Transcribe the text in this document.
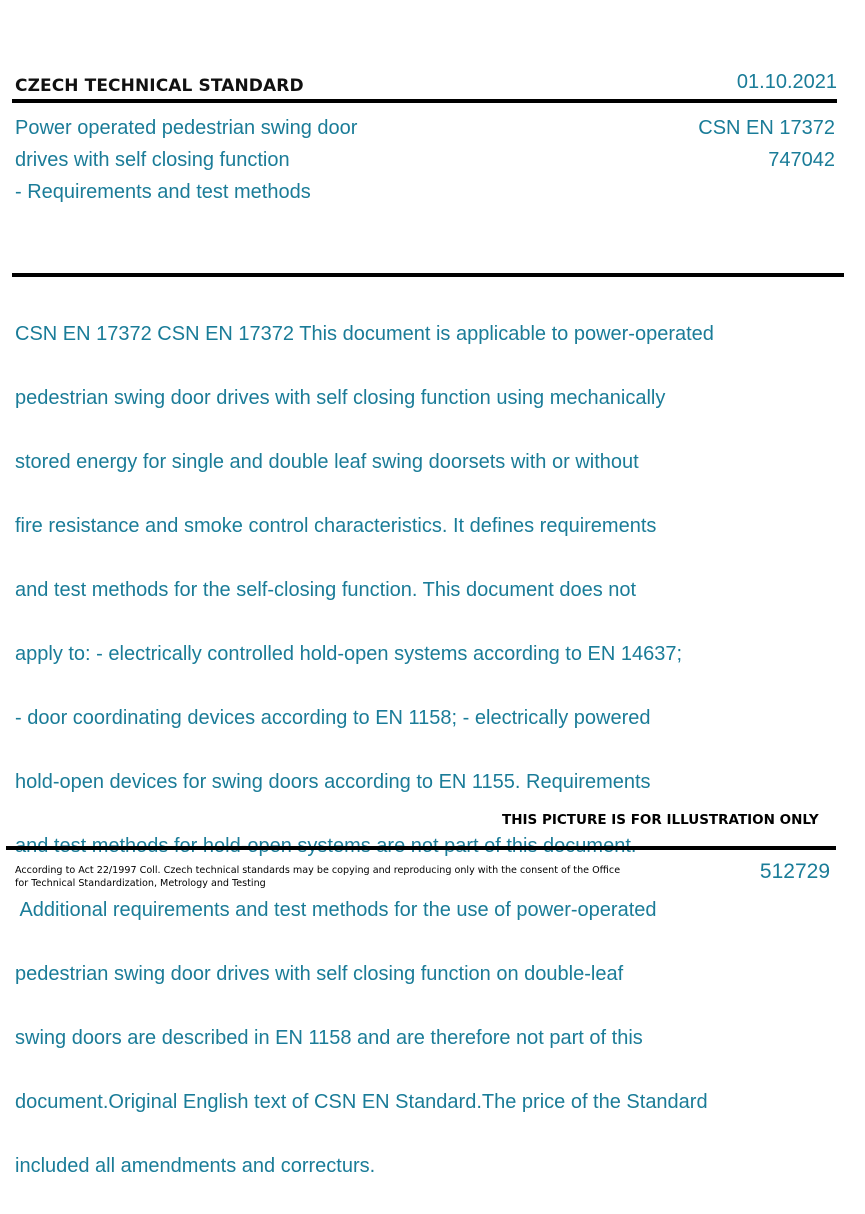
CZECH TECHNICAL STANDARD	01.10.2021
Power operated pedestrian swing door
drives with self closing function
- Requirements and test methods
CSN EN 17372
747042

CSN EN 17372 CSN EN 17372 This document is applicable to power-operated

pedestrian swing door drives with self closing function using mechanically

stored energy for single and double leaf swing doorsets with or without

fire resistance and smoke control characteristics. It defines requirements

and test methods for the self-closing function. This document does not

apply to: - electrically controlled hold-open systems according to EN 14637;

- door coordinating devices according to EN 1158; - electrically powered

hold-open devices for swing doors according to EN 1155. Requirements

Additional requirements and test methods for the use of power-operated

pedestrian swing door drives with self closing function on double-leaf

swing doors are described in EN 1158 and are therefore not part of this

document.Original English text of CSN EN Standard.The price of the Standard

included all amendments and correcturs.

THIS PICTURE IS FOR ILLUSTRATION ONLY
According to Act 22/1997 Coll. Czech technical standards may be copying and reproducing only with the consent of the Office
for Technical Standardization, Metrology and Testing
512729
